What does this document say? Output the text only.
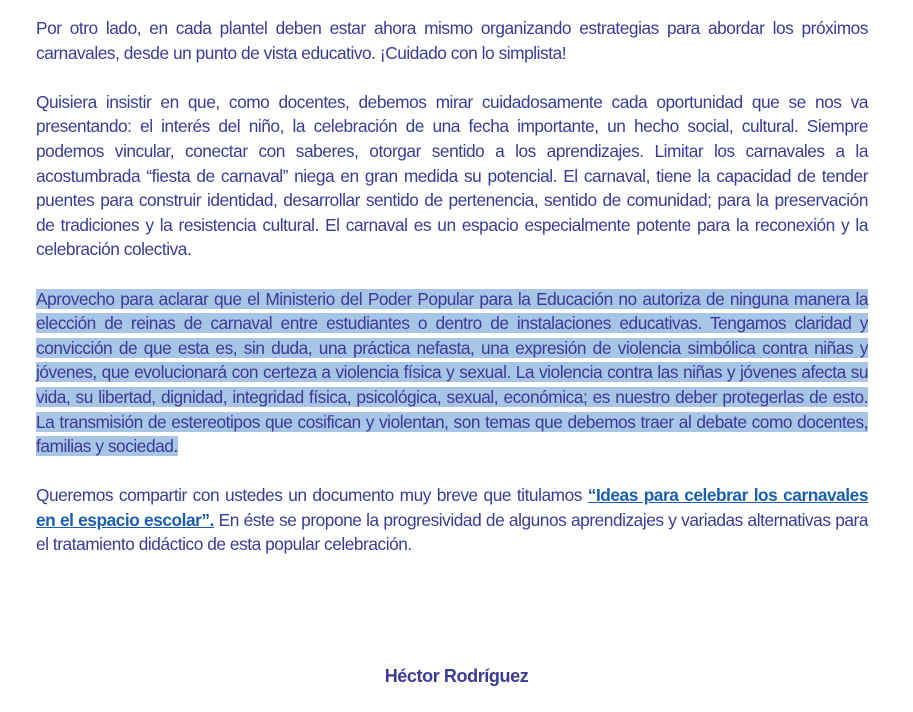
Por otro lado, en cada plantel deben estar ahora mismo organizando estrategias para abordar los próximos carnavales, desde un punto de vista educativo. ¡Cuidado con lo simplista!

Quisiera insistir en que, como docentes, debemos mirar cuidadosamente cada oportunidad que se nos va presentando: el interés del niño, la celebración de una fecha importante, un hecho social, cultural. Siempre podemos vincular, conectar con saberes, otorgar sentido a los aprendizajes. Limitar los carnavales a la acostumbrada “fiesta de carnaval” niega en gran medida su potencial. El carnaval, tiene la capacidad de tender puentes para construir identidad, desarrollar sentido de pertenencia, sentido de comunidad; para la preservación de tradiciones y la resistencia cultural. El carnaval es un espacio especialmente potente para la reconexión y la celebración colectiva.

Aprovecho para aclarar que el Ministerio del Poder Popular para la Educación no autoriza de ninguna manera la elección de reinas de carnaval entre estudiantes o dentro de instalaciones educativas. Tengamos claridad y convicción de que esta es, sin duda, una práctica nefasta, una expresión de violencia simbólica contra niñas y jóvenes, que evolucionará con certeza a violencia física y sexual. La violencia contra las niñas y jóvenes afecta su vida, su libertad, dignidad, integridad física, psicológica, sexual, económica; es nuestro deber protegerlas de esto. La transmisión de estereotipos que cosifican y violentan, son temas que debemos traer al debate como docentes, familias y sociedad.

Queremos compartir con ustedes un documento muy breve que titulamos “Ideas para celebrar los carnavales en el espacio escolar”. En éste se propone la progresividad de algunos aprendizajes y variadas alternativas para el tratamiento didáctico de esta popular celebración.

Héctor Rodríguez
